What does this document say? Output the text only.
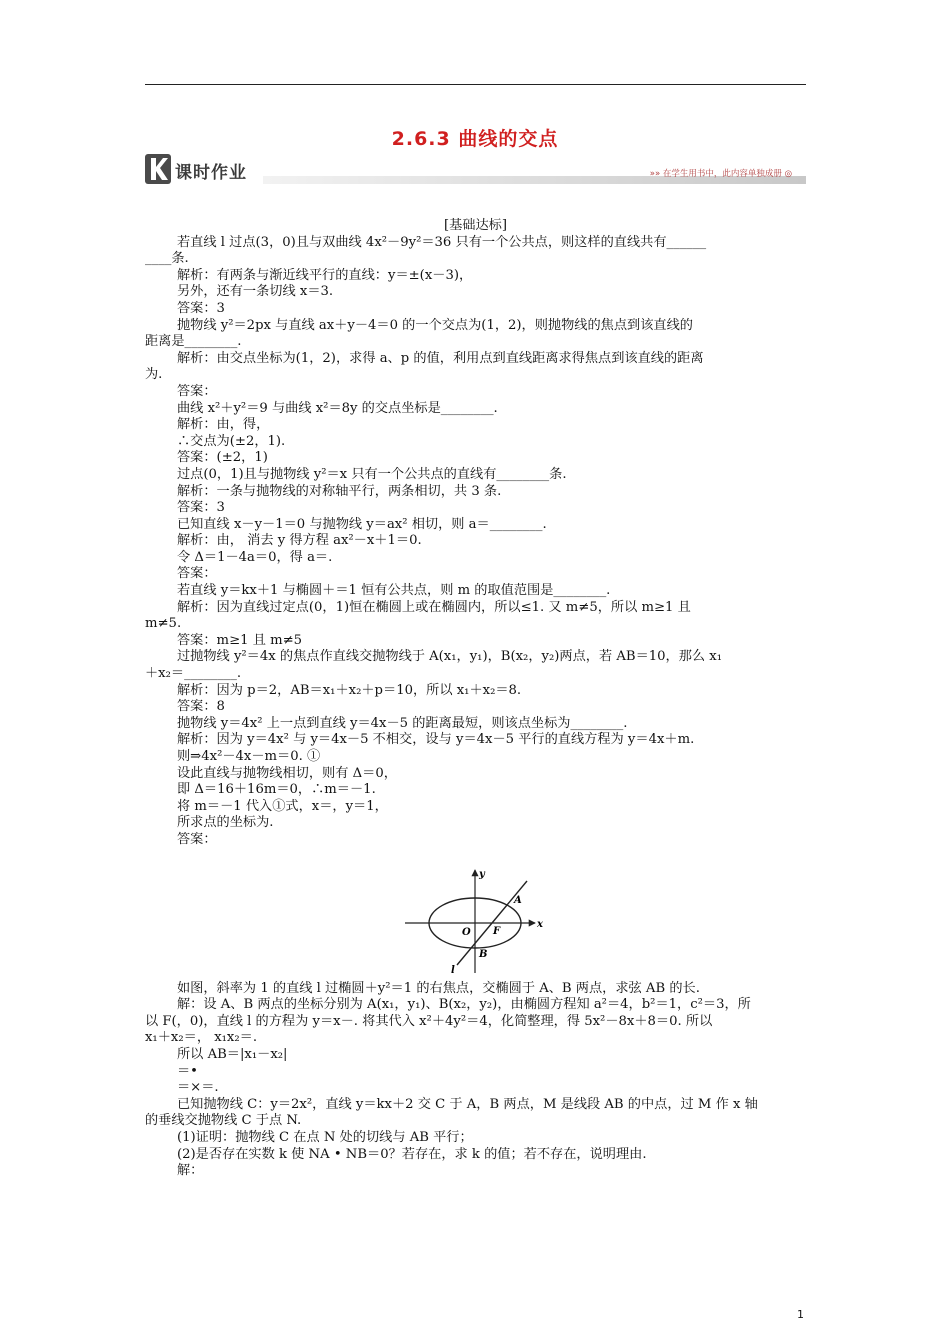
2.6.3 曲线的交点
课时作业	»» 在学生用书中，此内容单独成册 ◎

[基础达标]

若直线 l 过点(3，0)且与双曲线 4x²－9y²＝36 只有一个公共点，则这样的直线共有______

____条.

解析：有两条与渐近线平行的直线：y＝±(x－3)，

另外，还有一条切线 x＝3.

答案：3

抛物线 y²＝2px 与直线 ax＋y－4＝0 的一个交点为(1，2)，则抛物线的焦点到该直线的

距离是________.

解析：由交点坐标为(1，2)，求得 a、p 的值，利用点到直线距离求得焦点到该直线的距离

为.

答案：

曲线 x²＋y²＝9 与曲线 x²＝8y 的交点坐标是________.

解析：由，得，

∴交点为(±2，1).

答案：(±2，1)

过点(0，1)且与抛物线 y²＝x 只有一个公共点的直线有________条.

解析：一条与抛物线的对称轴平行，两条相切，共 3 条.

答案：3

已知直线 x－y－1＝0 与抛物线 y＝ax² 相切，则 a＝________.

解析：由， 消去 y 得方程 ax²－x＋1＝0.

令 Δ＝1－4a＝0，得 a＝.

答案：

若直线 y＝kx＋1 与椭圆＋＝1 恒有公共点，则 m 的取值范围是________.

解析：因为直线过定点(0，1)恒在椭圆上或在椭圆内，所以≤1. 又 m≠5，所以 m≥1 且

m≠5.

答案：m≥1 且 m≠5

过抛物线 y²＝4x 的焦点作直线交抛物线于 A(x₁，y₁)，B(x₂，y₂)两点，若 AB＝10，那么 x₁

＋x₂＝________.

解析：因为 p＝2，AB＝x₁＋x₂＋p＝10，所以 x₁＋x₂＝8.

答案：8

抛物线 y＝4x² 上一点到直线 y＝4x－5 的距离最短，则该点坐标为________.

解析：因为 y＝4x² 与 y＝4x－5 不相交，设与 y＝4x－5 平行的直线方程为 y＝4x＋m.

则⇒4x²－4x－m＝0. ①

设此直线与抛物线相切，则有 Δ＝0，

即 Δ＝16＋16m＝0，∴m＝－1.

将 m＝－1 代入①式，x＝，y＝1，

所求点的坐标为.

答案：

y
x
O F
A
B
l

如图，斜率为 1 的直线 l 过椭圆＋y²＝1 的右焦点，交椭圆于 A、B 两点，求弦 AB 的长.

解：设 A、B 两点的坐标分别为 A(x₁，y₁)、B(x₂，y₂)，由椭圆方程知 a²＝4，b²＝1，c²＝3，所

以 F(，0)，直线 l 的方程为 y＝x－. 将其代入 x²＋4y²＝4，化简整理，得 5x²－8x＋8＝0. 所以

x₁＋x₂＝， x₁x₂＝.

所以 AB＝|x₁－x₂|

＝•

＝×＝.

已知抛物线 C：y＝2x²，直线 y＝kx＋2 交 C 于 A，B 两点，M 是线段 AB 的中点，过 M 作 x 轴

的垂线交抛物线 C 于点 N.

(1)证明：抛物线 C 在点 N 处的切线与 AB 平行；

(2)是否存在实数 k 使 NA • NB＝0？若存在，求 k 的值；若不存在，说明理由.

解：

1
